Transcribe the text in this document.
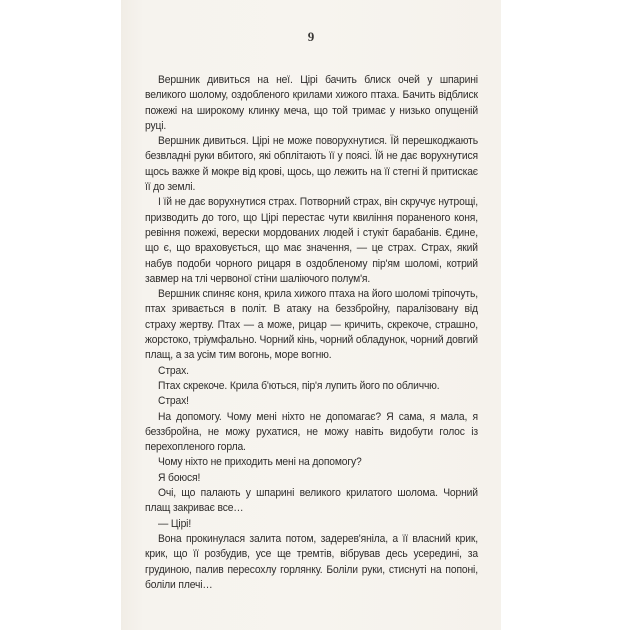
9

Вершник дивиться на неї. Цірі бачить блиск очей у шпарині великого шолому, оздобленого крилами хижого птаха. Бачить відблиск пожежі на широкому клинку меча, що той тримає у низько опущеній руці.

Вершник дивиться. Цірі не може поворухнутися. Їй перешкоджають безвладні руки вбитого, які обплітають її у поясі. Їй не дає ворухнутися щось важке й мокре від крові, щось, що лежить на її стегні й притискає її до землі.

І їй не дає ворухнутися страх. Потворний страх, він скручує нутрощі, призводить до того, що Цірі перестає чути квиління пораненого коня, ревіння пожежі, верески мордованих людей і стукіт барабанів. Єдине, що є, що враховується, що має значення, — це страх. Страх, який набув подоби чорного рицаря в оздобленому пір'ям шоломі, котрий завмер на тлі червоної стіни шаліючого полум'я.

Вершник спиняє коня, крила хижого птаха на його шоломі тріпочуть, птах зривається в політ. В атаку на беззбройну, паралізовану від страху жертву. Птах — а може, рицар — кричить, скрекоче, страшно, жорстоко, тріумфально. Чорний кінь, чорний обладунок, чорний довгий плащ, а за усім тим вогонь, море вогню.

Страх.

Птах скрекоче. Крила б'ються, пір'я лупить його по обличчю.

Страх!

На допомогу. Чому мені ніхто не допомагає? Я сама, я мала, я беззбройна, не можу рухатися, не можу навіть видобути голос із перехопленого горла.

Чому ніхто не приходить мені на допомогу?

Я боюся!

Очі, що палають у шпарині великого крилатого шолома. Чорний плащ закриває все…

— Цірі!

Вона прокинулася залита потом, задерев'яніла, а її власний крик, крик, що її розбудив, усе ще тремтів, вібрував десь усередині, за грудиною, палив пересохлу горлянку. Боліли руки, стиснуті на попоні, боліли плечі…
